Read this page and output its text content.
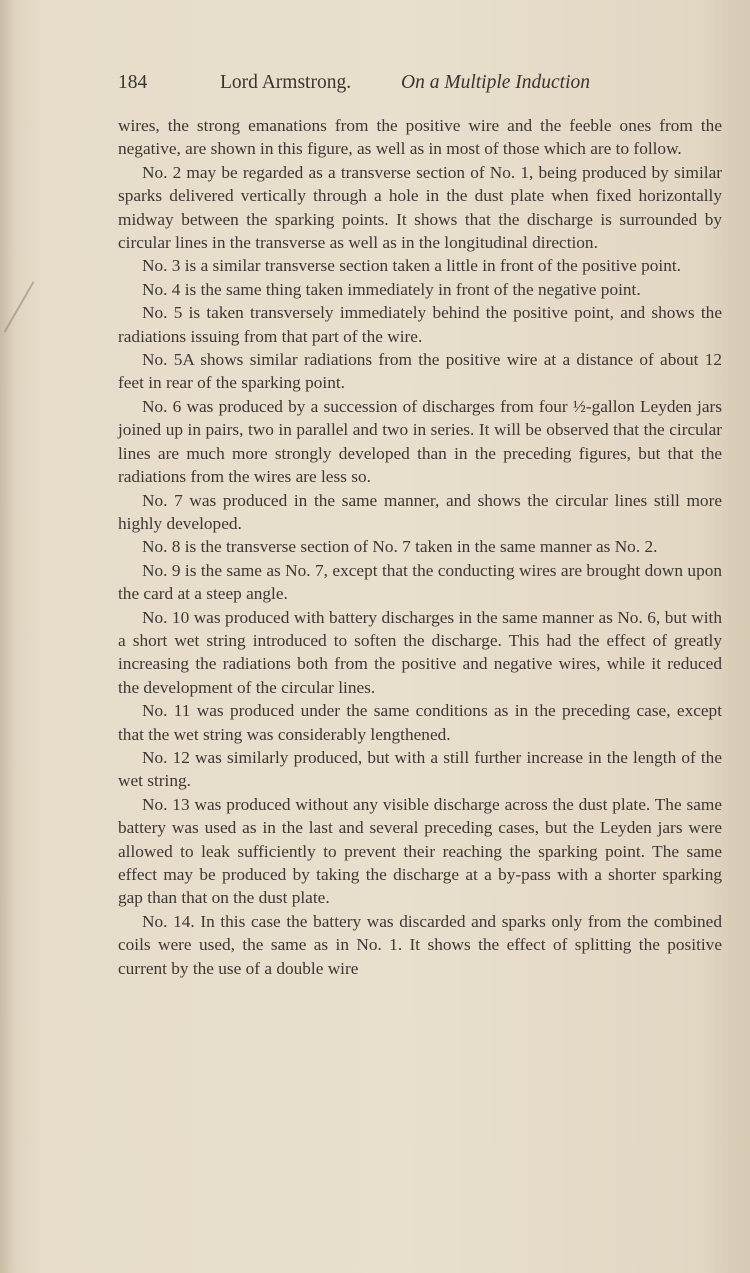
184	Lord Armstrong.	On a Multiple Induction

wires, the strong emanations from the positive wire and the feeble ones from the negative, are shown in this figure, as well as in most of those which are to follow.

No. 2 may be regarded as a transverse section of No. 1, being produced by similar sparks delivered vertically through a hole in the dust plate when fixed horizontally midway between the sparking points. It shows that the discharge is surrounded by circular lines in the transverse as well as in the longitudinal direction.

No. 3 is a similar transverse section taken a little in front of the positive point.

No. 4 is the same thing taken immediately in front of the negative point.

No. 5 is taken transversely immediately behind the positive point, and shows the radiations issuing from that part of the wire.

No. 5A shows similar radiations from the positive wire at a distance of about 12 feet in rear of the sparking point.

No. 6 was produced by a succession of discharges from four ½-gallon Leyden jars joined up in pairs, two in parallel and two in series. It will be observed that the circular lines are much more strongly developed than in the preceding figures, but that the radiations from the wires are less so.

No. 7 was produced in the same manner, and shows the circular lines still more highly developed.

No. 8 is the transverse section of No. 7 taken in the same manner as No. 2.

No. 9 is the same as No. 7, except that the conducting wires are brought down upon the card at a steep angle.

No. 10 was produced with battery discharges in the same manner as No. 6, but with a short wet string introduced to soften the discharge. This had the effect of greatly increasing the radiations both from the positive and negative wires, while it reduced the development of the circular lines.

No. 11 was produced under the same conditions as in the preceding case, except that the wet string was considerably lengthened.

No. 12 was similarly produced, but with a still further increase in the length of the wet string.

No. 13 was produced without any visible discharge across the dust plate. The same battery was used as in the last and several preceding cases, but the Leyden jars were allowed to leak sufficiently to prevent their reaching the sparking point. The same effect may be produced by taking the discharge at a by-pass with a shorter sparking gap than that on the dust plate.

No. 14. In this case the battery was discarded and sparks only from the combined coils were used, the same as in No. 1. It shows the effect of splitting the positive current by the use of a double wire
